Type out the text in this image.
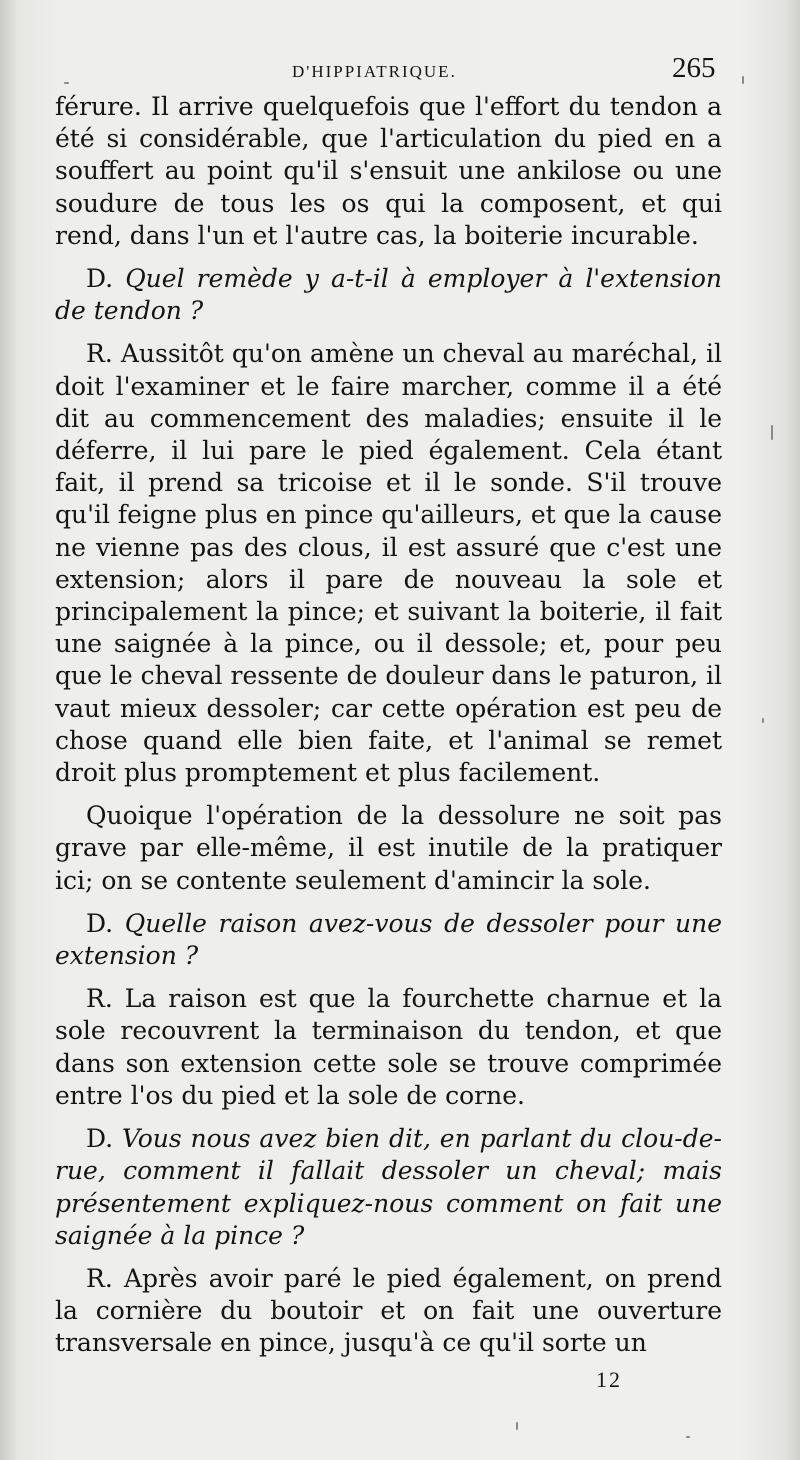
D'HIPPIATRIQUE.	265

férure. Il arrive quelquefois que l'effort du tendon a été si considérable, que l'articulation du pied en a souffert au point qu'il s'ensuit une ankilose ou une soudure de tous les os qui la composent, et qui rend, dans l'un et l'autre cas, la boiterie incurable.

D. Quel remède y a-t-il à employer à l'extension de tendon ?

R. Aussitôt qu'on amène un cheval au maréchal, il doit l'examiner et le faire marcher, comme il a été dit au commencement des maladies; ensuite il le déferre, il lui pare le pied également. Cela étant fait, il prend sa tricoise et il le sonde. S'il trouve qu'il feigne plus en pince qu'ailleurs, et que la cause ne vienne pas des clous, il est assuré que c'est une extension; alors il pare de nouveau la sole et principalement la pince; et suivant la boiterie, il fait une saignée à la pince, ou il dessole; et, pour peu que le cheval ressente de douleur dans le paturon, il vaut mieux dessoler; car cette opération est peu de chose quand elle bien faite, et l'animal se remet droit plus promptement et plus facilement.

Quoique l'opération de la dessolure ne soit pas grave par elle-même, il est inutile de la pratiquer ici; on se contente seulement d'amincir la sole.

D. Quelle raison avez-vous de dessoler pour une extension ?

R. La raison est que la fourchette charnue et la sole recouvrent la terminaison du tendon, et que dans son extension cette sole se trouve comprimée entre l'os du pied et la sole de corne.

D. Vous nous avez bien dit, en parlant du clou-de-rue, comment il fallait dessoler un cheval; mais présentement expliquez-nous comment on fait une saignée à la pince ?

R. Après avoir paré le pied également, on prend la cornière du boutoir et on fait une ouverture transversale en pince, jusqu'à ce qu'il sorte un

12
